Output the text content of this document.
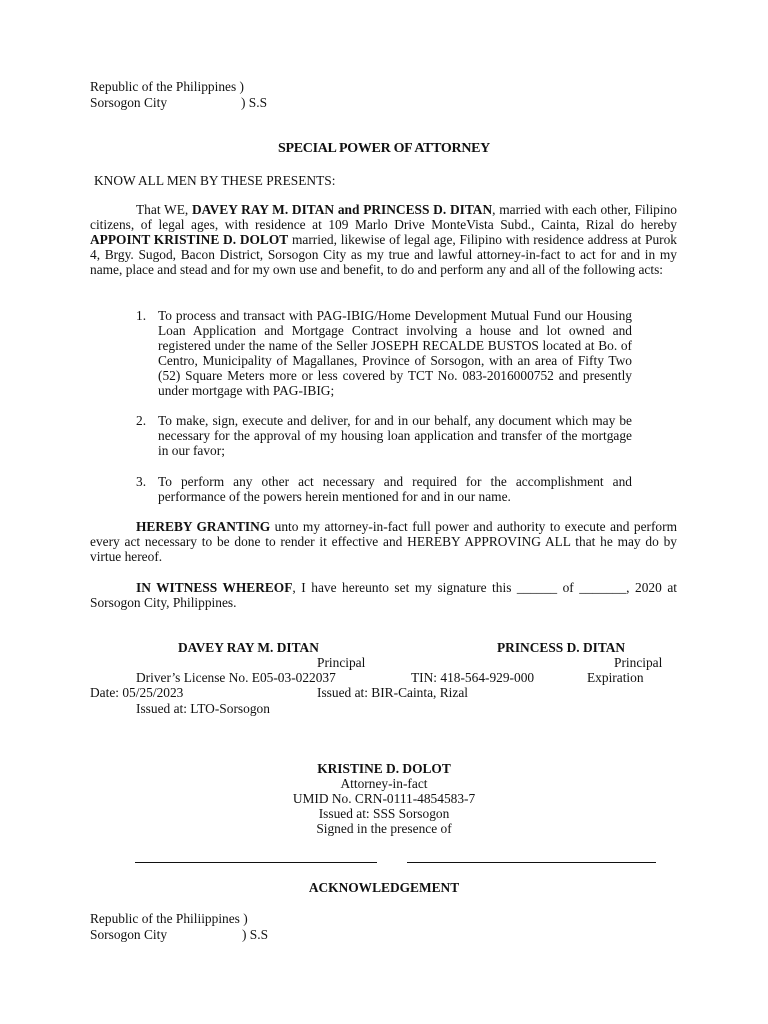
Republic of the Philippines )
Sorsogon City	) S.S
SPECIAL POWER OF ATTORNEY
KNOW ALL MEN BY THESE PRESENTS:
That WE, DAVEY RAY M. DITAN and PRINCESS D. DITAN, married with each other, Filipino citizens, of legal ages, with residence at 109 Marlo Drive MonteVista Subd., Cainta, Rizal do hereby APPOINT KRISTINE D. DOLOT married, likewise of legal age, Filipino with residence address at Purok 4, Brgy. Sugod, Bacon District, Sorsogon City as my true and lawful attorney-in-fact to act for and in my name, place and stead and for my own use and benefit, to do and perform any and all of the following acts:
1. To process and transact with PAG-IBIG/Home Development Mutual Fund our Housing Loan Application and Mortgage Contract involving a house and lot owned and registered under the name of the Seller JOSEPH RECALDE BUSTOS located at Bo. of Centro, Municipality of Magallanes, Province of Sorsogon, with an area of Fifty Two (52) Square Meters more or less covered by TCT No. 083-2016000752 and presently under mortgage with PAG-IBIG;
2. To make, sign, execute and deliver, for and in our behalf, any document which may be necessary for the approval of my housing loan application and transfer of the mortgage in our favor;
3. To perform any other act necessary and required for the accomplishment and performance of the powers herein mentioned for and in our name.
HEREBY GRANTING unto my attorney-in-fact full power and authority to execute and perform every act necessary to be done to render it effective and HEREBY APPROVING ALL that he may do by virtue hereof.
IN WITNESS WHEREOF, I have hereunto set my signature this ______ of _______, 2020 at Sorsogon City, Philippines.
DAVEY RAY M. DITAN	PRINCESS D. DITAN
Principal	Principal
Driver’s License No. E05-03-022037	TIN: 418-564-929-000	Expiration
Date: 05/25/2023	Issued at: BIR-Cainta, Rizal
Issued at: LTO-Sorsogon
KRISTINE D. DOLOT
Attorney-in-fact
UMID No. CRN-0111-4854583-7
Issued at: SSS Sorsogon
Signed in the presence of
ACKNOWLEDGEMENT
Republic of the Philiippines )
Sorsogon City	) S.S
